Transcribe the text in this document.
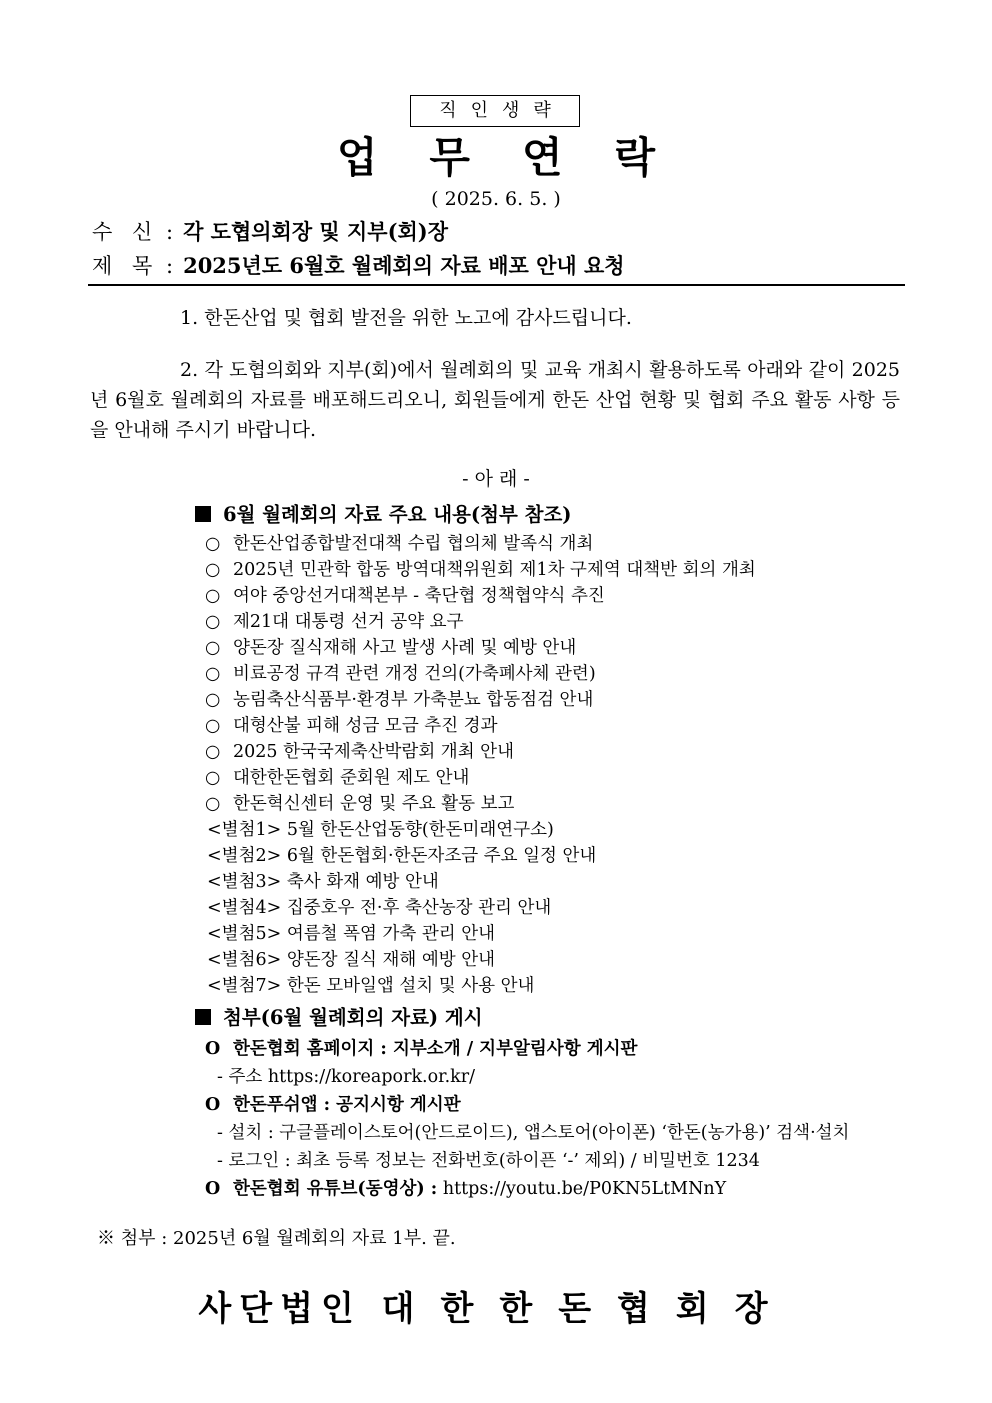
직인생략
업무연락
( 2025. 6. 5. )
수 신 : 각 도협의회장 및 지부(회)장
제 목 : 2025년도 6월호 월례회의 자료 배포 안내 요청

1. 한돈산업 및 협회 발전을 위한 노고에 감사드립니다.

2. 각 도협의회와 지부(회)에서 월례회의 및 교육 개최시 활용하도록 아래와 같이 2025년 6월호 월례회의 자료를 배포해드리오니, 회원들에게 한돈 산업 현황 및 협회 주요 활동 사항 등을 안내해 주시기 바랍니다.

- 아 래 -
6월 월례회의 자료 주요 내용(첨부 참조)
○ 한돈산업종합발전대책 수립 협의체 발족식 개최
○ 2025년 민관학 합동 방역대책위원회 제1차 구제역 대책반 회의 개최
○ 여야 중앙선거대책본부 - 축단협 정책협약식 추진
○ 제21대 대통령 선거 공약 요구
○ 양돈장 질식재해 사고 발생 사례 및 예방 안내
○ 비료공정 규격 관련 개정 건의(가축폐사체 관련)
○ 농림축산식품부·환경부 가축분뇨 합동점검 안내
○ 대형산불 피해 성금 모금 추진 경과
○ 2025 한국국제축산박람회 개최 안내
○ 대한한돈협회 준회원 제도 안내
○ 한돈혁신센터 운영 및 주요 활동 보고
<별첨1> 5월 한돈산업동향(한돈미래연구소)
<별첨2> 6월 한돈협회·한돈자조금 주요 일정 안내
<별첨3> 축사 화재 예방 안내
<별첨4> 집중호우 전·후 축산농장 관리 안내
<별첨5> 여름철 폭염 가축 관리 안내
<별첨6> 양돈장 질식 재해 예방 안내
<별첨7> 한돈 모바일앱 설치 및 사용 안내
첨부(6월 월례회의 자료) 게시
O 한돈협회 홈페이지 : 지부소개 / 지부알림사항 게시판
- 주소 https://koreapork.or.kr/
O 한돈푸쉬앱 : 공지시항 게시판
- 설치 : 구글플레이스토어(안드로이드), 앱스토어(아이폰) ‘한돈(농가용)’ 검색·설치
- 로그인 : 최초 등록 정보는 전화번호(하이픈 ‘-’ 제외) / 비밀번호 1234
O 한돈협회 유튜브(동영상) : https://youtu.be/P0KN5LtMNnY
※ 첨부 : 2025년 6월 월례회의 자료 1부. 끝.
사단법인 대한한돈협회장
